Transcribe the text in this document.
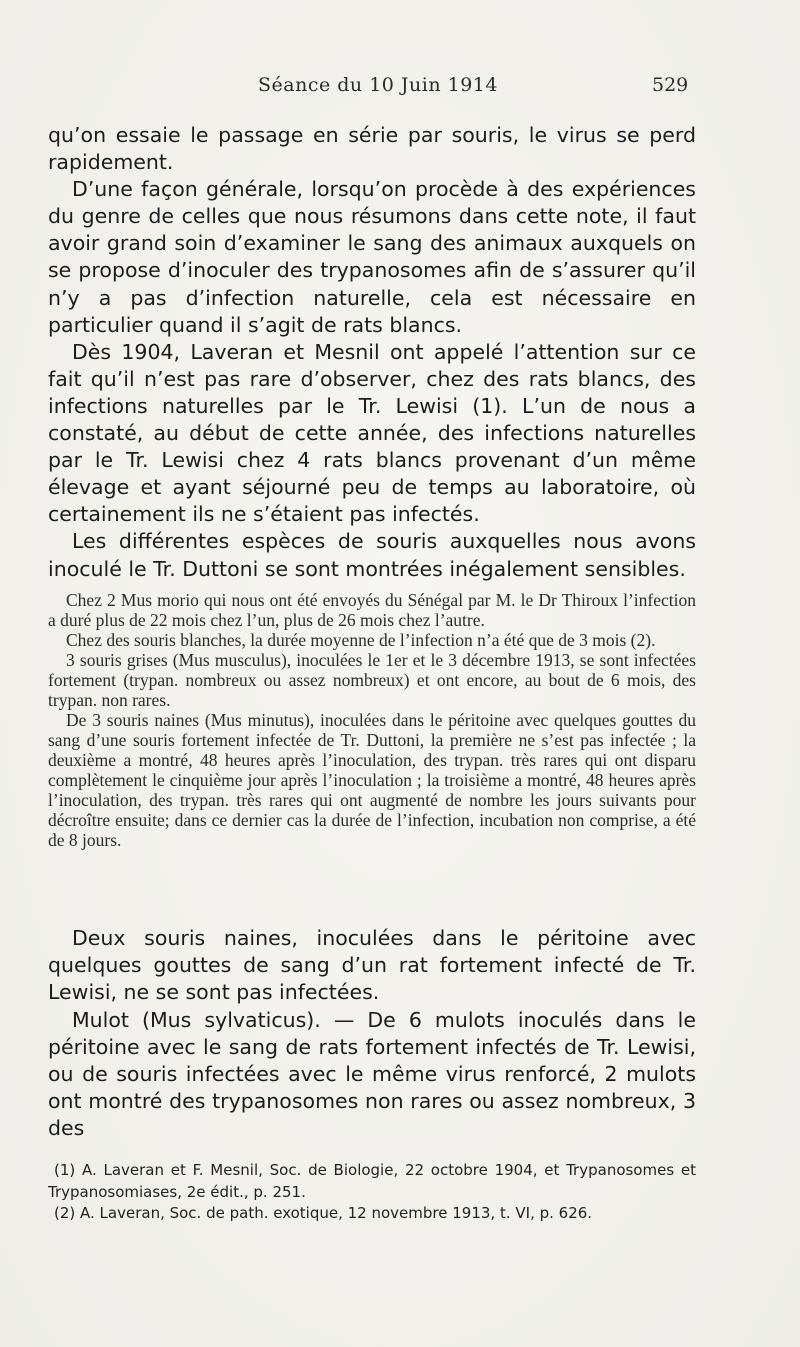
Séance du 10 Juin 1914	529

qu’on essaie le passage en série par souris, le virus se perd rapidement.

D’une façon générale, lorsqu’on procède à des expériences du genre de celles que nous résumons dans cette note, il faut avoir grand soin d’examiner le sang des animaux auxquels on se propose d’inoculer des trypanosomes afin de s’assurer qu’il n’y a pas d’infection naturelle, cela est nécessaire en particulier quand il s’agit de rats blancs.

Dès 1904, Laveran et Mesnil ont appelé l’attention sur ce fait qu’il n’est pas rare d’observer, chez des rats blancs, des infections naturelles par le Tr. Lewisi (1). L’un de nous a constaté, au début de cette année, des infections naturelles par le Tr. Lewisi chez 4 rats blancs provenant d’un même élevage et ayant séjourné peu de temps au laboratoire, où certainement ils ne s’étaient pas infectés.

Les différentes espèces de souris auxquelles nous avons inoculé le Tr. Duttoni se sont montrées inégalement sensibles.

Chez 2 Mus morio qui nous ont été envoyés du Sénégal par M. le Dr Thiroux l’infection a duré plus de 22 mois chez l’un, plus de 26 mois chez l’autre.

Chez des souris blanches, la durée moyenne de l’infection n’a été que de 3 mois (2).

3 souris grises (Mus musculus), inoculées le 1er et le 3 décembre 1913, se sont infectées fortement (trypan. nombreux ou assez nombreux) et ont encore, au bout de 6 mois, des trypan. non rares.

De 3 souris naines (Mus minutus), inoculées dans le péritoine avec quelques gouttes du sang d’une souris fortement infectée de Tr. Duttoni, la première ne s’est pas infectée ; la deuxième a montré, 48 heures après l’inoculation, des trypan. très rares qui ont disparu complètement le cinquième jour après l’inoculation ; la troisième a montré, 48 heures après l’inoculation, des trypan. très rares qui ont augmenté de nombre les jours suivants pour décroître ensuite; dans ce dernier cas la durée de l’infection, incubation non comprise, a été de 8 jours.

Deux souris naines, inoculées dans le péritoine avec quelques gouttes de sang d’un rat fortement infecté de Tr. Lewisi, ne se sont pas infectées.

Mulot (Mus sylvaticus). — De 6 mulots inoculés dans le péritoine avec le sang de rats fortement infectés de Tr. Lewisi, ou de souris infectées avec le même virus renforcé, 2 mulots ont montré des trypanosomes non rares ou assez nombreux, 3 des

(1) A. Laveran et F. Mesnil, Soc. de Biologie, 22 octobre 1904, et Trypanosomes et Trypanosomiases, 2e édit., p. 251.

(2) A. Laveran, Soc. de path. exotique, 12 novembre 1913, t. VI, p. 626.
